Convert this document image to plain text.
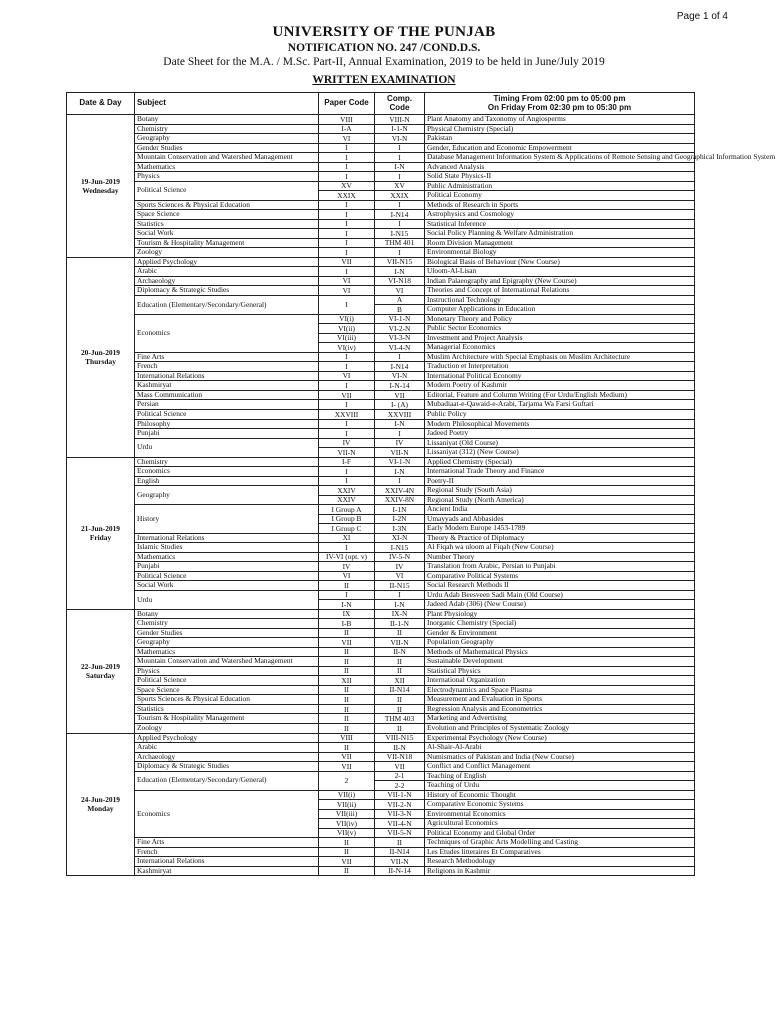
Page 1 of 4
UNIVERSITY OF THE PUNJAB
NOTIFICATION NO. 247 /COND.D.S.
Date Sheet for the M.A. / M.Sc. Part-II, Annual Examination, 2019 to be held in June/July 2019
WRITTEN EXAMINATION
Date & Day	Subject	Paper Code	Comp. Code	Timing From 02:00 pm to 05:00 pm
On Friday From 02:30 pm to 05:30 pm

19-Jun-2019
Wednesday	Botany	VIII	VIII-N	Plant Anatomy and Taxonomy of Angiosperms
	Chemistry	I-A	I-1-N	Physical Chemistry (Special)
	Geography	VI	VI-N	Pakistan
	Gender Studies	I	I	Gender, Education and Economic Empowerment
	Mountain Conservation and Watershed Management	I	I	Database Management Information System & Applications of Remote Sensing and Geographical Information System
	Mathematics	I	I-N	Advanced Analysis
	Physics	I	I	Solid State Physics-II
	Political Science	XV	XV	Public Administration
		XXIX	XXIX	Political Economy
	Sports Sciences & Physical Education	I	I	Methods of Research in Sports
	Space Science	I	I-N14	Astrophysics and Cosmology
	Statistics	I	I	Statistical Inference
	Social Work	I	I-N15	Social Policy Planning & Welfare Administration
	Tourism & Hospitality Management	I	THM 401	Room Division Management
	Zoology	I	I	Environmental Biology

20-Jun-2019
Thursday	Applied Psychology	VII	VII-N15	Biological Basis of Behaviour (New Course)
	Arabic	I	I-N	Uloom-Al-Lisan
	Archaeology	VI	VI-N18	Indian Palaeography and Epigraphy (New Course)
	Diplomacy & Strategic Studies	VI	VI	Theories and Concept of International Relations
	Education (Elementary/Secondary/General)	I	A	Instructional Technology
			B	Computer Applications in Education
	Economics	VI(i)	VI-1-N	Monetary Theory and Policy
		VI(ii)	VI-2-N	Public Sector Economics
		VI(iii)	VI-3-N	Investment and Project Analysis
		VI(iv)	VI-4-N	Managerial Economics
	Fine Arts	I	I	Muslim Architecture with Special Emphasis on Muslim Architecture
	French	I	I-N14	Traduction et Interpretation
	International Relations	VI	VI-N	International Political Economy
	Kashmiryat	I	I-N-14	Modern Poetry of Kashmir
	Mass Communication	VII	VII	Editorial, Feature and Column Writing (For Urdu/English Medium)
	Persian	I	I- (A)	Mubadiaat-e-Qawaid-e-Arabi, Tarjama Wa Farsi Guftari
	Political Science	XXVIII	XXVIII	Public Policy
	Philosophy	I	I-N	Modern Philosophical Movements
	Punjabi	I	I	Jadeed Poetry
	Urdu	IV	IV	Lissaniyat (Old Course)
		VII-N	VII-N	Lissaniyat (312) (New Course)

21-Jun-2019
Friday	Chemistry	I-F	VI-1-N	Applied Chemistry (Special)
	Economics	I	I-N	International Trade Theory and Finance
	English	I	I	Poetry-II
	Geography	XXIV	XXIV-4N	Regional Study (South Asia)
		XXIV	XXIV-8N	Regional Study (North America)
	History	I Group A	I-1N	Ancient India
		I Group B	I-2N	Umayyads and Abbasides
		I Group C	I-3N	Early Modern Europe 1453-1789
	International Relations	XI	XI-N	Theory & Practice of Diplomacy
	Islamic Studies	I	I-N15	Al Fiqah wa uloom al Fiqah (New Course)
	Mathematics	IV-VI (opt. v)	IV-5-N	Number Theory
	Punjabi	IV	IV	Translation from Arabic, Persian to Punjabi
	Political Science	VI	VI	Comparative Political Systems
	Social Work	II	II-N15	Social Research Methods II
	Urdu	I	I	Urdu Adab Beesveen Sadi Main (Old Course)
		I-N	I-N	Jadeed Adab (306) (New Course)

22-Jun-2019
Saturday	Botany	IX	IX-N	Plant Physiology
	Chemistry	I-B	II-1-N	Inorganic Chemistry (Special)
	Gender Studies	II	II	Gender & Environment
	Geography	VII	VII-N	Population Geography
	Mathematics	II	II-N	Methods of Mathematical Physics
	Mountain Conservation and Watershed Management	II	II	Sustainable Development
	Physics	II	II	Statistical Physics
	Political Science	XII	XII	International Organization
	Space Science	II	II-N14	Electrodynamics and Space Plasma
	Sports Sciences & Physical Education	II	II	Measurement and Evaluation in Sports
	Statistics	II	II	Regression Analysis and Econometrics
	Tourism & Hospitality Management	II	THM 403	Marketing and Advertising
	Zoology	II	II	Evolution and Principles of Systematic Zoology

24-Jun-2019
Monday	Applied Psychology	VIII	VIII-N15	Experimental Psychology (New Course)
	Arabic	II	II-N	Al-Shair-Al-Arabi
	Archaeology	VII	VII-N18	Numismatics of Pakistan and India (New Course)
	Diplomacy & Strategic Studies	VII	VII	Conflict and Conflict Management
	Education (Elementary/Secondary/General)	2	2-1	Teaching of English
			2-2	Teaching of Urdu
	Economics	VII(i)	VII-1-N	History of Economic Thought
		VII(ii)	VII-2-N	Comparative Economic Systems
		VII(iii)	VII-3-N	Environmental Economics
		VII(iv)	VII-4-N	Agricultural Economics
		VII(v)	VII-5-N	Political Economy and Global Order
	Fine Arts	II	II	Techniques of Graphic Arts Modelling and Casting
	French	II	II-N14	Les Etudes litteraires Et Comparatives
	International Relations	VII	VII-N	Research Methodology
	Kashmiryat	II	II-N-14	Religions in Kashmir
